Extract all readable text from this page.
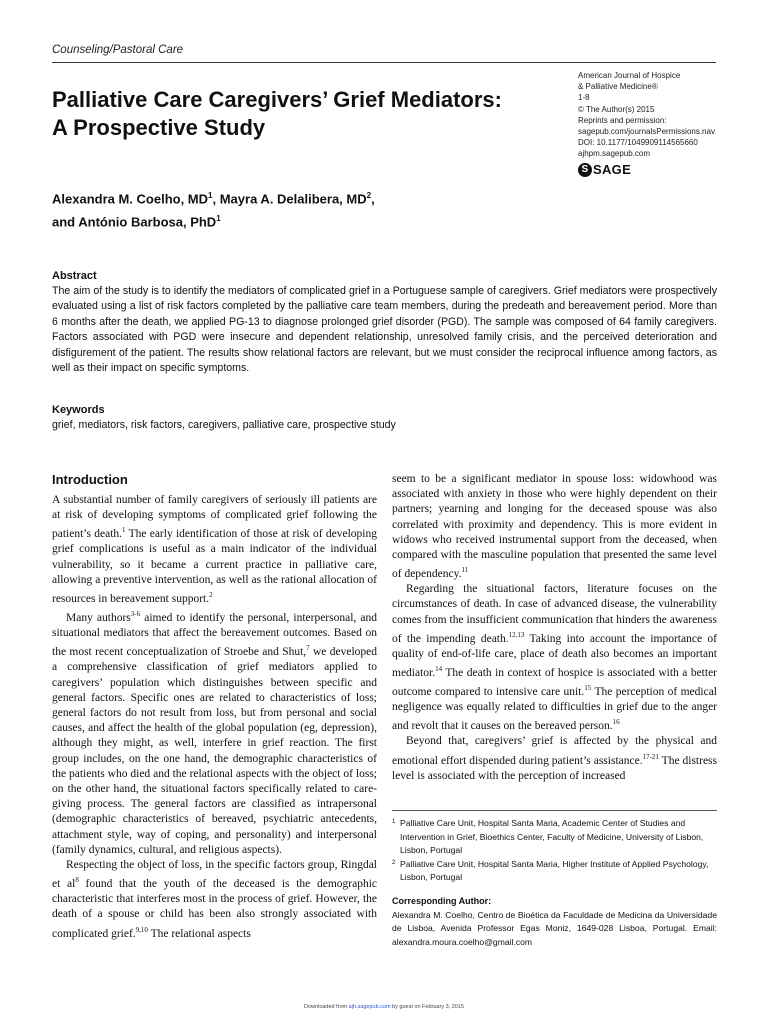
Counseling/Pastoral Care
Palliative Care Caregivers’ Grief Mediators:
A Prospective Study
American Journal of Hospice
& Palliative Medicine®
1-8
© The Author(s) 2015
Reprints and permission:
sagepub.com/journalsPermissions.nav
DOI: 10.1177/1049909114565660
ajhpm.sagepub.com
S SAGE
Alexandra M. Coelho, $MD^1$, Mayra A. Delalibera, $MD^2$,
and António Barbosa, PhD$^1$
Abstract
The aim of the study is to identify the mediators of complicated grief in a Portuguese sample of caregivers. Grief mediators were prospectively evaluated using a list of risk factors completed by the palliative care team members, during the predeath and bereavement period. More than 6 months after the death, we applied PG-13 to diagnose prolonged grief disorder (PGD). The sample was composed of 64 family caregivers. Factors associated with PGD were insecure and dependent relationship, unresolved family crisis, and the perceived deterioration and disfigurement of the patient. The results show relational factors are relevant, but we must consider the reciprocal influence among factors, as well as their impact on specific symptoms.
Keywords
grief, mediators, risk factors, caregivers, palliative care, prospective study
Introduction

A substantial number of family caregivers of seriously ill patients are at risk of developing symptoms of complicated grief following the patient’s death.$^1$ The early identification of those at risk of developing grief complications is useful as a main indicator of the individual vulnerability, so it became a current practice in palliative care, allowing a preventive intervention, as well as the rational allocation of resources in bereavement support.$^2$

Many authors$^{3-6}$ aimed to identify the personal, interpersonal, and situational mediators that affect the bereavement outcomes. Based on the most recent conceptualization of Stroebe and Shut,$^7$ we developed a comprehensive classification of grief mediators applied to caregivers’ population which distinguishes between specific and general factors. Specific ones are related to characteristics of loss; general factors do not result from loss, but from personal and social causes, and affect the health of the global population (eg, depression), although they might, as well, interfere in grief reaction. The first group includes, on the one hand, the demographic characteristics of the patients who died and the relational aspects with the object of loss; on the other hand, the situational factors specifically related to care-giving process. The general factors are classified as intrapersonal (demographic characteristics of bereaved, psychiatric antecedents, attachment style, way of coping, and personality) and interpersonal (family dynamics, cultural, and religious aspects).

Respecting the object of loss, in the specific factors group, Ringdal et $al^8$ found that the youth of the deceased is the demographic characteristic that interferes most in the process of grief. However, the death of a spouse or child has been also strongly associated with complicated grief.$^{9,10}$ The relational aspects

seem to be a significant mediator in spouse loss: widowhood was associated with anxiety in those who were highly dependent on their partners; yearning and longing for the deceased spouse was also correlated with proximity and dependency. This is more evident in widows who received instrumental support from the deceased, when compared with the masculine population that presented the same level of dependency.$^{11}$

Regarding the situational factors, literature focuses on the circumstances of death. In case of advanced disease, the vulnerability comes from the insufficient communication that hinders the awareness of the impending death.$^{12,13}$ Taking into account the importance of quality of end-of-life care, place of death also becomes an important mediator.$^{14}$ The death in context of hospice is associated with a better outcome compared to intensive care unit.$^{15}$ The perception of medical negligence was equally related to difficulties in grief due to the anger and revolt that it causes on the bereaved person.$^{16}$

Beyond that, caregivers’ grief is affected by the physical and emotional effort dispended during patient’s assistance.$^{17-21}$ The distress level is associated with the perception of increased

1 Palliative Care Unit, Hospital Santa Maria, Academic Center of Studies and Intervention in Grief, Bioethics Center, Faculty of Medicine, University of Lisbon, Lisbon, Portugal
2 Palliative Care Unit, Hospital Santa Maria, Higher Institute of Applied Psychology, Lisbon, Portugal
Corresponding Author:
Alexandra M. Coelho, Centro de Bioética da Faculdade de Medicina da Universidade de Lisboa, Avenida Professor Egas Moniz, 1649-028 Lisboa, Portugal. Email: alexandra.moura.coelho@gmail.com
Downloaded from ajh.sagepub.com by guest on February 3, 2015
